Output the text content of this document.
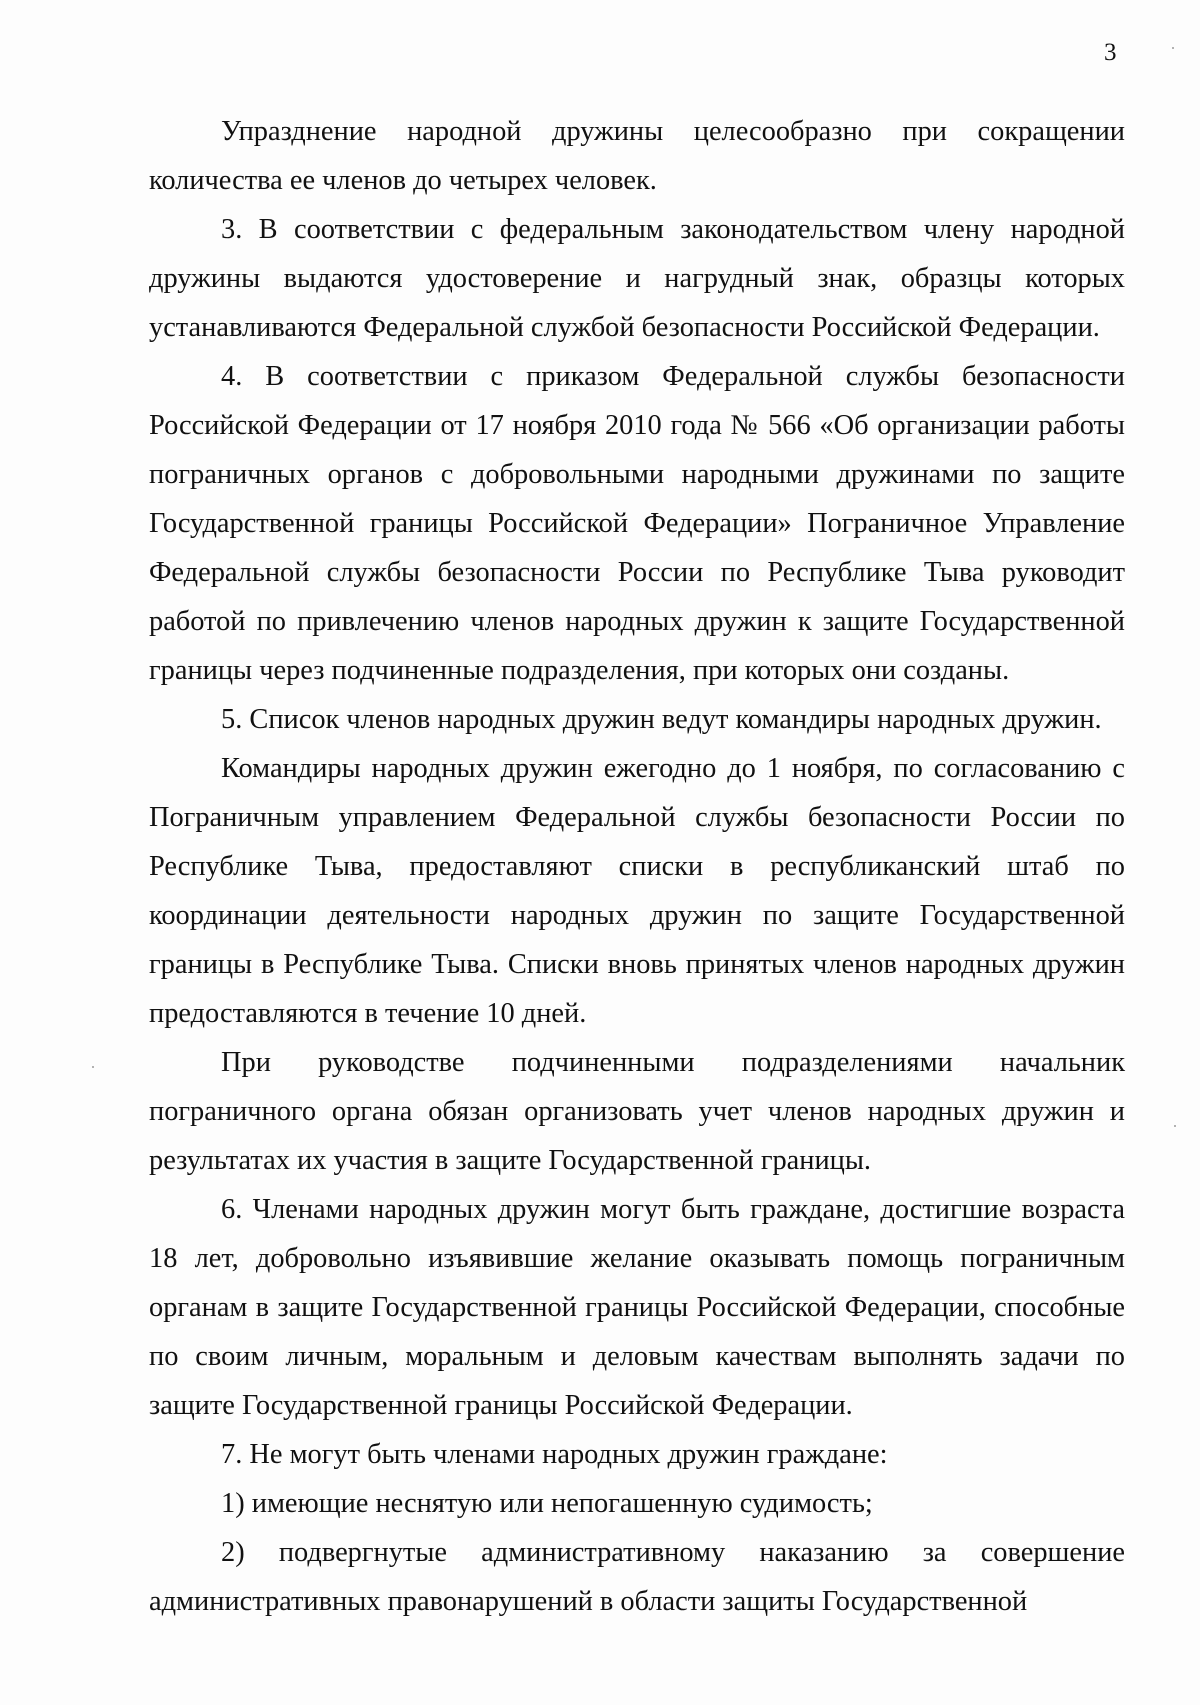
3

Упразднение народной дружины целесообразно при сокращении
количества ее членов до четырех человек.

3. В соответствии с федеральным законодательством члену народной
дружины выдаются удостоверение и нагрудный знак, образцы которых
устанавливаются Федеральной службой безопасности Российской Федерации.

4. В соответствии с приказом Федеральной службы безопасности
Российской Федерации от 17 ноября 2010 года № 566 «Об организации работы
пограничных органов с добровольными народными дружинами по защите
Государственной границы Российской Федерации» Пограничное Управление
Федеральной службы безопасности России по Республике Тыва руководит
работой по привлечению членов народных дружин к защите Государственной
границы через подчиненные подразделения, при которых они созданы.

5. Список членов народных дружин ведут командиры народных дружин.

Командиры народных дружин ежегодно до 1 ноября, по согласованию с
Пограничным управлением Федеральной службы безопасности России по
Республике Тыва, предоставляют списки в республиканский штаб по
координации деятельности народных дружин по защите Государственной
границы в Республике Тыва. Списки вновь принятых членов народных дружин
предоставляются в течение 10 дней.

При руководстве подчиненными подразделениями начальник
пограничного органа обязан организовать учет членов народных дружин и
результатах их участия в защите Государственной границы.

6. Членами народных дружин могут быть граждане, достигшие возраста
18 лет, добровольно изъявившие желание оказывать помощь пограничным
органам в защите Государственной границы Российской Федерации, способные
по своим личным, моральным и деловым качествам выполнять задачи по
защите Государственной границы Российской Федерации.

7. Не могут быть членами народных дружин граждане:

1) имеющие неснятую или непогашенную судимость;

2) подвергнутые административному наказанию за совершение
административных правонарушений в области защиты Государственной
